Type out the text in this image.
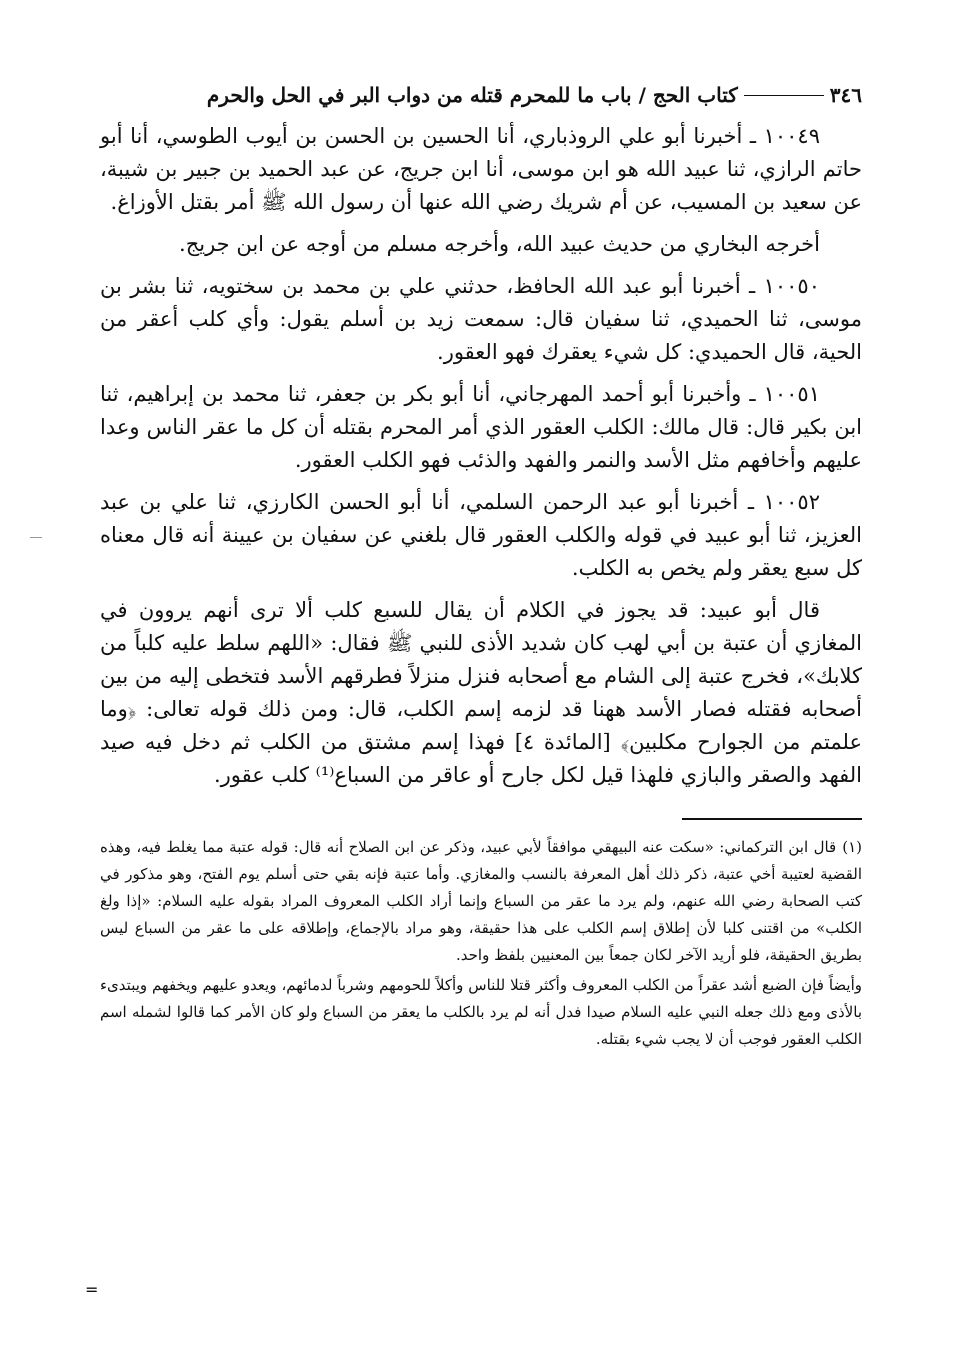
٣٤٦
كتاب الحج / باب ما للمحرم قتله من دواب البر في الحل والحرم

١٠٠٤٩ ـ أخبرنا أبو علي الروذباري، أنا الحسين بن الحسن بن أيوب الطوسي، أنا أبو حاتم الرازي، ثنا عبيد الله هو ابن موسى، أنا ابن جريج، عن عبد الحميد بن جبير بن شيبة، عن سعيد بن المسيب، عن أم شريك رضي الله عنها أن رسول الله ﷺ أمر بقتل الأوزاغ.

أخرجه البخاري من حديث عبيد الله، وأخرجه مسلم من أوجه عن ابن جريج.

١٠٠٥٠ ـ أخبرنا أبو عبد الله الحافظ، حدثني علي بن محمد بن سختويه، ثنا بشر بن موسى، ثنا الحميدي، ثنا سفيان قال: سمعت زيد بن أسلم يقول: وأي كلب أعقر من الحية، قال الحميدي: كل شيء يعقرك فهو العقور.

١٠٠٥١ ـ وأخبرنا أبو أحمد المهرجاني، أنا أبو بكر بن جعفر، ثنا محمد بن إبراهيم، ثنا ابن بكير قال: قال مالك: الكلب العقور الذي أمر المحرم بقتله أن كل ما عقر الناس وعدا عليهم وأخافهم مثل الأسد والنمر والفهد والذئب فهو الكلب العقور.

١٠٠٥٢ ـ أخبرنا أبو عبد الرحمن السلمي، أنا أبو الحسن الكارزي، ثنا علي بن عبد العزيز، ثنا أبو عبيد في قوله والكلب العقور قال بلغني عن سفيان بن عيينة أنه قال معناه كل سبع يعقر ولم يخص به الكلب.

قال أبو عبيد: قد يجوز في الكلام أن يقال للسبع كلب ألا ترى أنهم يروون في المغازي أن عتبة بن أبي لهب كان شديد الأذى للنبي ﷺ فقال: «اللهم سلط عليه كلباً من كلابك»، فخرج عتبة إلى الشام مع أصحابه فنزل منزلاً فطرقهم الأسد فتخطى إليه من بين أصحابه فقتله فصار الأسد ههنا قد لزمه إسم الكلب، قال: ومن ذلك قوله تعالى: ﴿وما علمتم من الجوارح مكلبين﴾ [المائدة ٤] فهذا إسم مشتق من الكلب ثم دخل فيه صيد الفهد والصقر والبازي فلهذا قيل لكل جارح أو عاقر من السباع⁽¹⁾ كلب عقور.

(١)قال ابن التركماني: «سكت عنه البيهقي موافقاً لأبي عبيد، وذكر عن ابن الصلاح أنه قال: قوله عتبة مما يغلط فيه، وهذه القضية لعتيبة أخي عتبة، ذكر ذلك أهل المعرفة بالنسب والمغازي. وأما عتبة فإنه بقي حتى أسلم يوم الفتح، وهو مذكور في كتب الصحابة رضي الله عنهم، ولم يرد ما عقر من السباع وإنما أراد الكلب المعروف المراد بقوله عليه السلام: «إذا ولغ الكلب» من اقتنى كلبا لأن إطلاق إسم الكلب على هذا حقيقة، وهو مراد بالإجماع، وإطلاقه على ما عقر من السباع ليس بطريق الحقيقة، فلو أريد الآخر لكان جمعاً بين المعنيين بلفظ واحد.

وأيضاً فإن الضبع أشد عقراً من الكلب المعروف وأكثر قتلا للناس وأكلاً للحومهم وشرباً لدمائهم، ويعدو عليهم ويخفهم ويبتدىء بالأذى ومع ذلك جعله النبي عليه السلام صيدا فدل أنه لم يرد بالكلب ما يعقر من السباع ولو كان الأمر كما قالوا لشمله اسم الكلب العقور فوجب أن لا يجب شيء بقتله.

=
